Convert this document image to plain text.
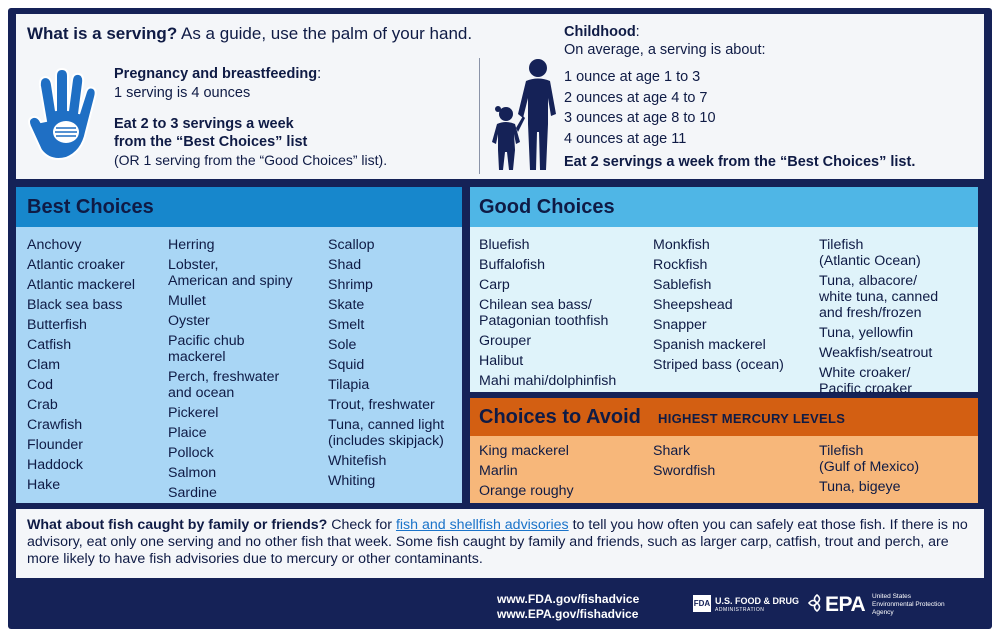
What is a serving? As a guide, use the palm of your hand.
Pregnancy and breastfeeding:
1 serving is 4 ounces
Eat 2 to 3 servings a week
from the “Best Choices” list
(OR 1 serving from the “Good Choices” list).
Childhood:
On average, a serving is about:
1 ounce at age 1 to 3
2 ounces at age 4 to 7
3 ounces at age 8 to 10
4 ounces at age 11
Eat 2 servings a week from the “Best Choices” list.
Best Choices
Anchovy
Atlantic croaker
Atlantic mackerel
Black sea bass
Butterfish
Catfish
Clam
Cod
Crab
Crawfish
Flounder
Haddock
Hake
Herring
Lobster,
American and spiny
Mullet
Oyster
Pacific chub
mackerel
Perch, freshwater
and ocean
Pickerel
Plaice
Pollock
Salmon
Sardine
Scallop
Shad
Shrimp
Skate
Smelt
Sole
Squid
Tilapia
Trout, freshwater
Tuna, canned light
(includes skipjack)
Whitefish
Whiting
Good Choices
Bluefish
Buffalofish
Carp
Chilean sea bass/
Patagonian toothfish
Grouper
Halibut
Mahi mahi/dolphinfish
Monkfish
Rockfish
Sablefish
Sheepshead
Snapper
Spanish mackerel
Striped bass (ocean)
Tilefish
(Atlantic Ocean)
Tuna, albacore/
white tuna, canned
and fresh/frozen
Tuna, yellowfin
Weakfish/seatrout
White croaker/
Pacific croaker
Choices to Avoid HIGHEST MERCURY LEVELS
King mackerel
Marlin
Orange roughy
Shark
Swordfish
Tilefish
(Gulf of Mexico)
Tuna, bigeye

What about fish caught by family or friends? Check for fish and shellfish advisories to tell you how often you can safely eat those fish. If there is no advisory, eat only one serving and no other fish that week. Some fish caught by family and friends, such as larger carp, catfish, trout and perch, are more likely to have fish advisories due to mercury or other contaminants.

www.FDA.gov/fishadvice
www.EPA.gov/fishadvice
FDA U.S. FOOD & DRUG
ADMINISTRATION	EPA United States
Environmental Protection
Agency
